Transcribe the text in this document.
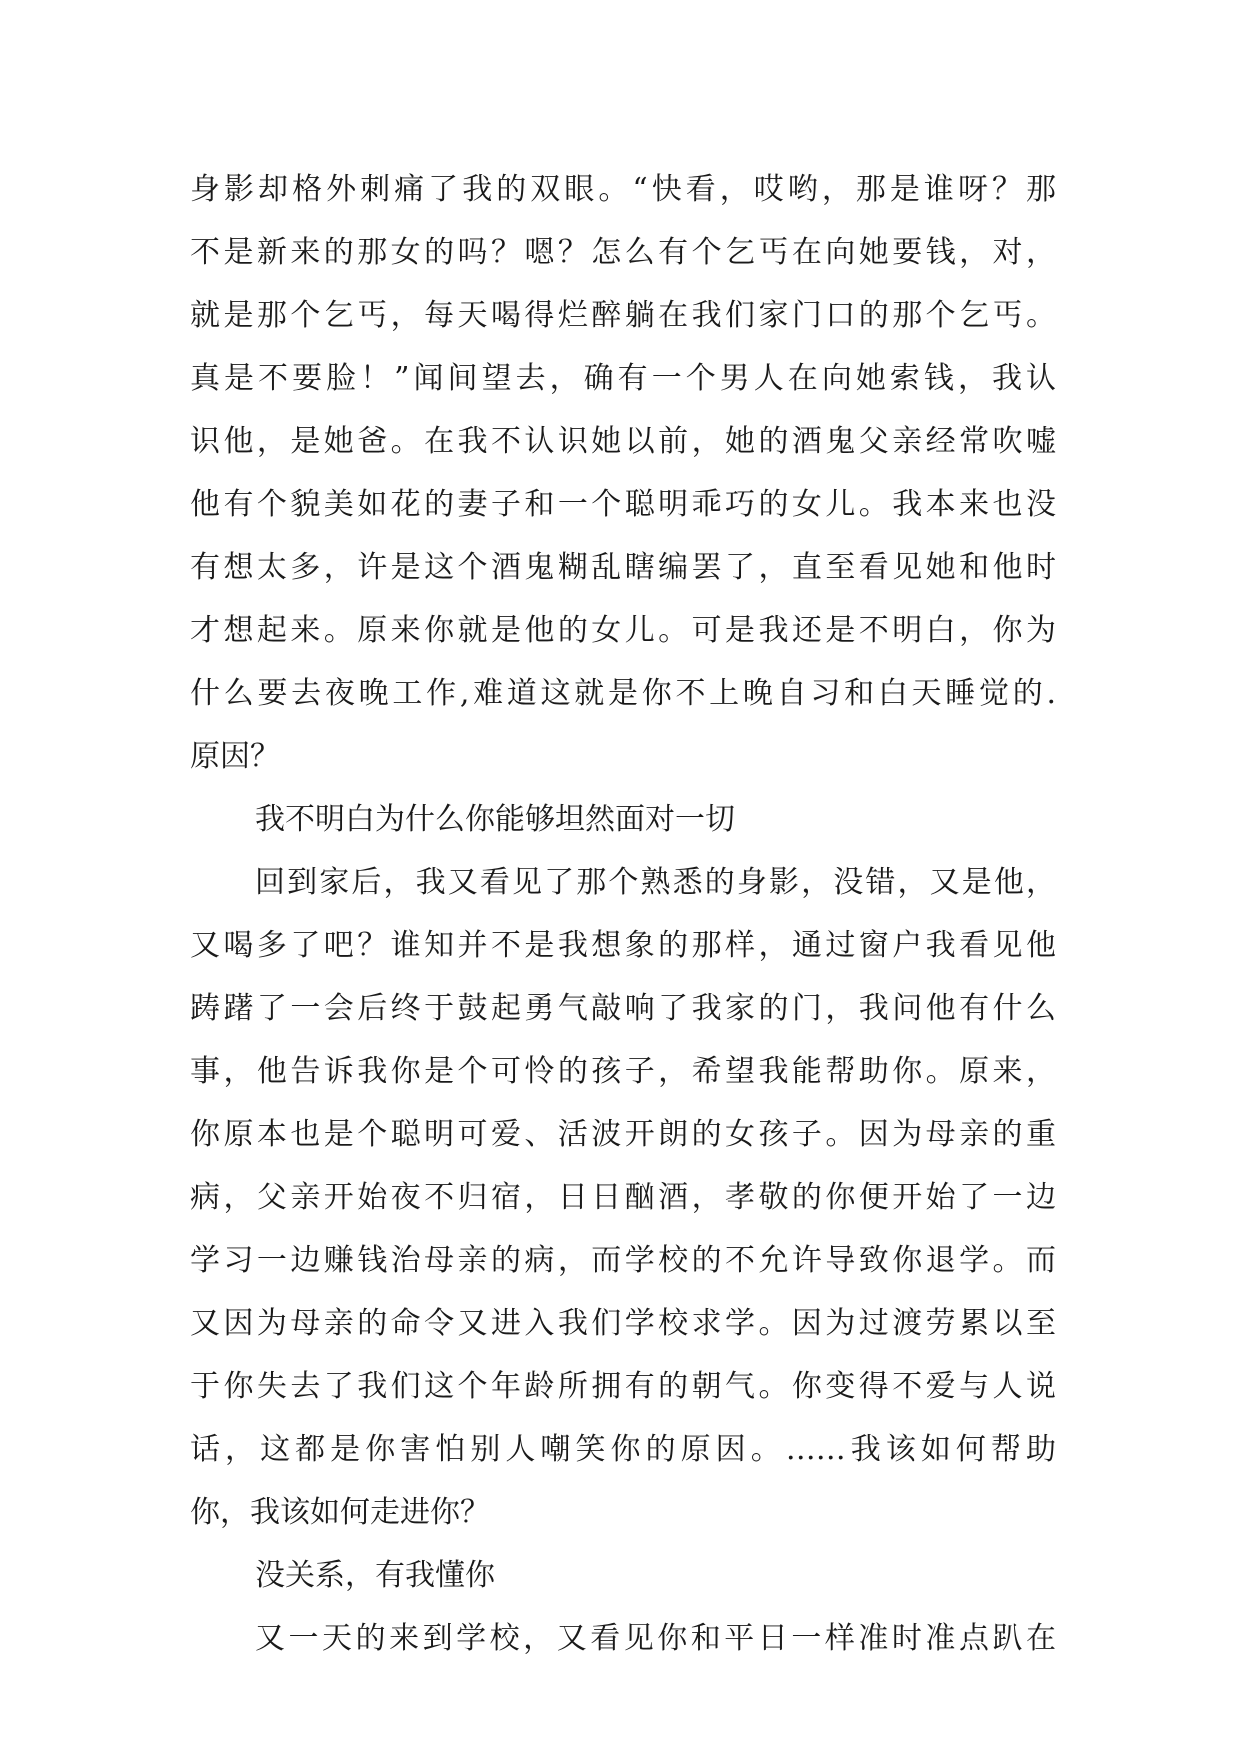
身影却格外刺痛了我的双眼。“快看，哎哟，那是谁呀？那
不是新来的那女的吗？嗯？怎么有个乞丐在向她要钱，对，
就是那个乞丐，每天喝得烂醉躺在我们家门口的那个乞丐。
真是不要脸！”闻间望去，确有一个男人在向她索钱，我认
识他，是她爸。在我不认识她以前，她的酒鬼父亲经常吹嘘
他有个貌美如花的妻子和一个聪明乖巧的女儿。我本来也没
有想太多，许是这个酒鬼糊乱瞎编罢了，直至看见她和他时
才想起来。原来你就是他的女儿。可是我还是不明白，你为
什么要去夜晚工作,难道这就是你不上晚自习和白天睡觉的.
原因？
我不明白为什么你能够坦然面对一切
回到家后，我又看见了那个熟悉的身影，没错，又是他，
又喝多了吧？谁知并不是我想象的那样，通过窗户我看见他
踌躇了一会后终于鼓起勇气敲响了我家的门，我问他有什么
事，他告诉我你是个可怜的孩子，希望我能帮助你。原来，
你原本也是个聪明可爱、活波开朗的女孩子。因为母亲的重
病，父亲开始夜不归宿，日日酗酒，孝敬的你便开始了一边
学习一边赚钱治母亲的病，而学校的不允许导致你退学。而
又因为母亲的命令又进入我们学校求学。因为过渡劳累以至
于你失去了我们这个年龄所拥有的朝气。你变得不爱与人说
话，这都是你害怕别人嘲笑你的原因。……我该如何帮助
你，我该如何走进你？
没关系，有我懂你
又一天的来到学校，又看见你和平日一样准时准点趴在
